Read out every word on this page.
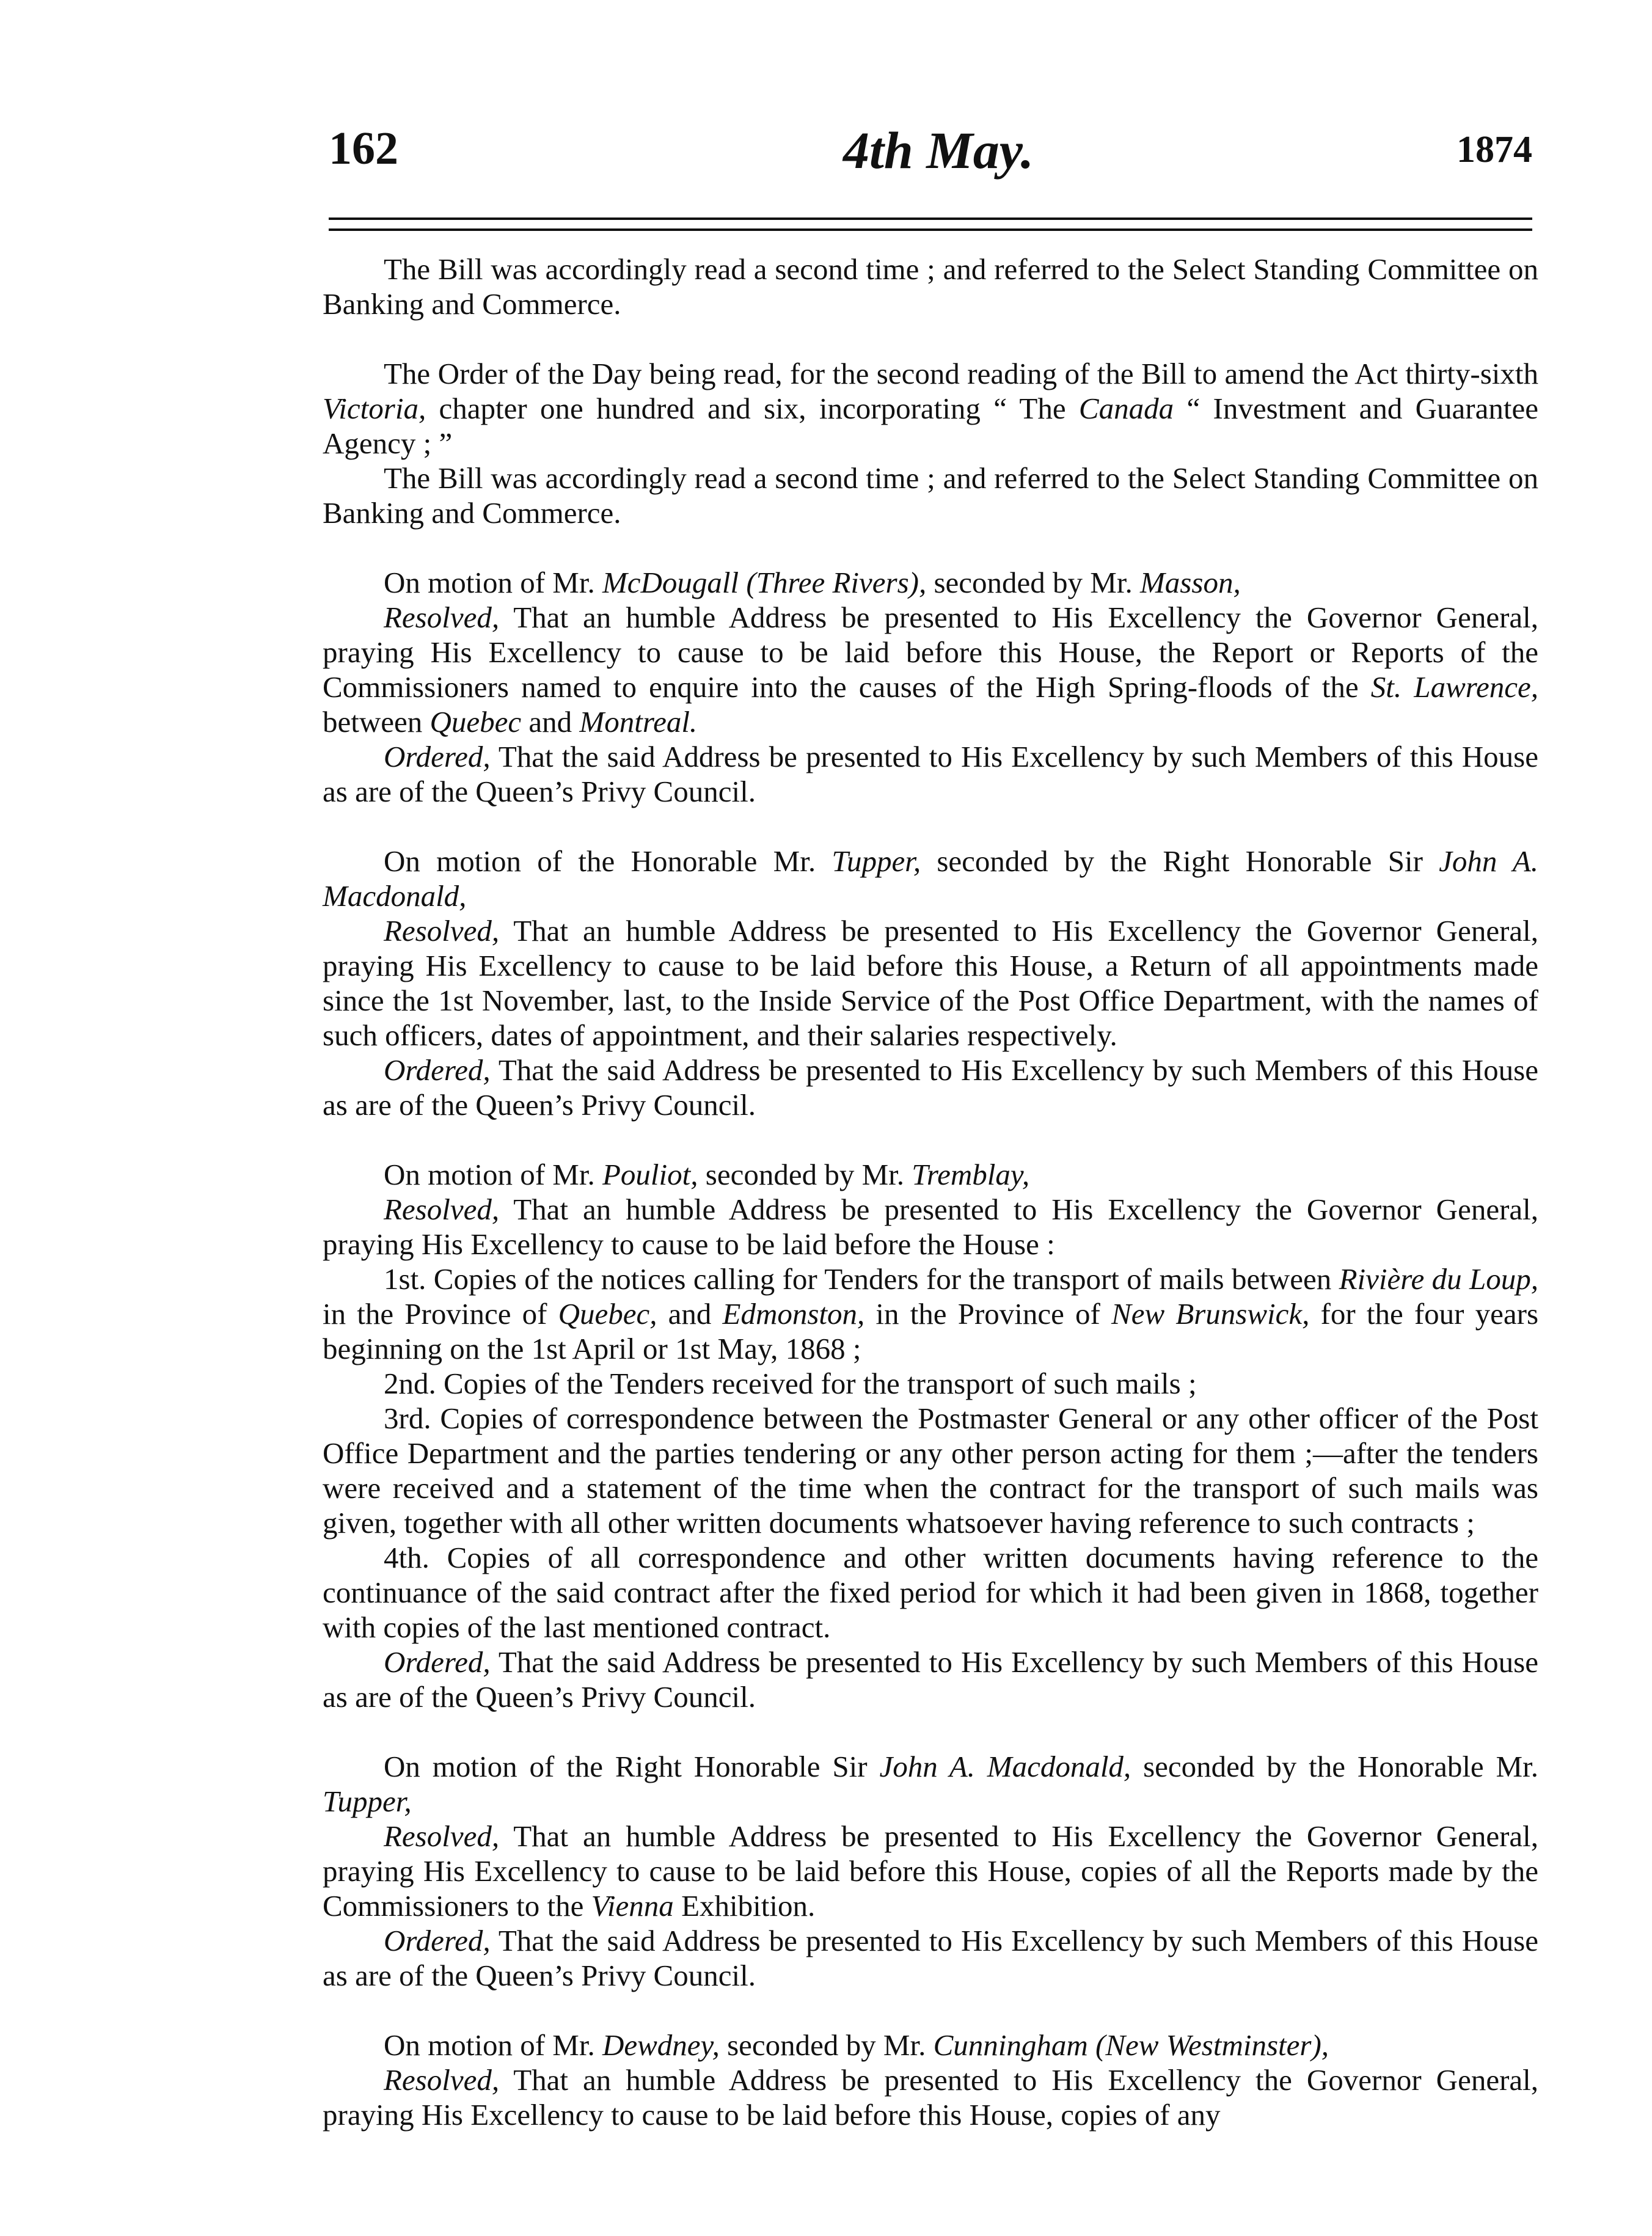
162	4th May.	1874

The Bill was accordingly read a second time ; and referred to the Select Standing Committee on Banking and Commerce.

The Order of the Day being read, for the second reading of the Bill to amend the Act thirty-sixth Victoria, chapter one hundred and six, incorporating “ The Canada “ Investment and Guarantee Agency ; ”

The Bill was accordingly read a second time ; and referred to the Select Standing Committee on Banking and Commerce.

On motion of Mr. McDougall (Three Rivers), seconded by Mr. Masson,

Resolved, That an humble Address be presented to His Excellency the Governor General, praying His Excellency to cause to be laid before this House, the Report or Reports of the Commissioners named to enquire into the causes of the High Spring-floods of the St. Lawrence, between Quebec and Montreal.

Ordered, That the said Address be presented to His Excellency by such Members of this House as are of the Queen’s Privy Council.

On motion of the Honorable Mr. Tupper, seconded by the Right Honorable Sir John A. Macdonald,

Resolved, That an humble Address be presented to His Excellency the Governor General, praying His Excellency to cause to be laid before this House, a Return of all appointments made since the 1st November, last, to the Inside Service of the Post Office Department, with the names of such officers, dates of appointment, and their salaries respectively.

Ordered, That the said Address be presented to His Excellency by such Members of this House as are of the Queen’s Privy Council.

On motion of Mr. Pouliot, seconded by Mr. Tremblay,

Resolved, That an humble Address be presented to His Excellency the Governor General, praying His Excellency to cause to be laid before the House :

1st. Copies of the notices calling for Tenders for the transport of mails between Rivière du Loup, in the Province of Quebec, and Edmonston, in the Province of New Brunswick, for the four years beginning on the 1st April or 1st May, 1868 ;

2nd. Copies of the Tenders received for the transport of such mails ;

3rd. Copies of correspondence between the Postmaster General or any other officer of the Post Office Department and the parties tendering or any other person acting for them ;—after the tenders were received and a statement of the time when the contract for the transport of such mails was given, together with all other written documents whatsoever having reference to such contracts ;

4th. Copies of all correspondence and other written documents having reference to the continuance of the said contract after the fixed period for which it had been given in 1868, together with copies of the last mentioned contract.

Ordered, That the said Address be presented to His Excellency by such Members of this House as are of the Queen’s Privy Council.

On motion of the Right Honorable Sir John A. Macdonald, seconded by the Honorable Mr. Tupper,

Resolved, That an humble Address be presented to His Excellency the Governor General, praying His Excellency to cause to be laid before this House, copies of all the Reports made by the Commissioners to the Vienna Exhibition.

Ordered, That the said Address be presented to His Excellency by such Members of this House as are of the Queen’s Privy Council.

On motion of Mr. Dewdney, seconded by Mr. Cunningham (New Westminster),

Resolved, That an humble Address be presented to His Excellency the Governor General, praying His Excellency to cause to be laid before this House, copies of any
